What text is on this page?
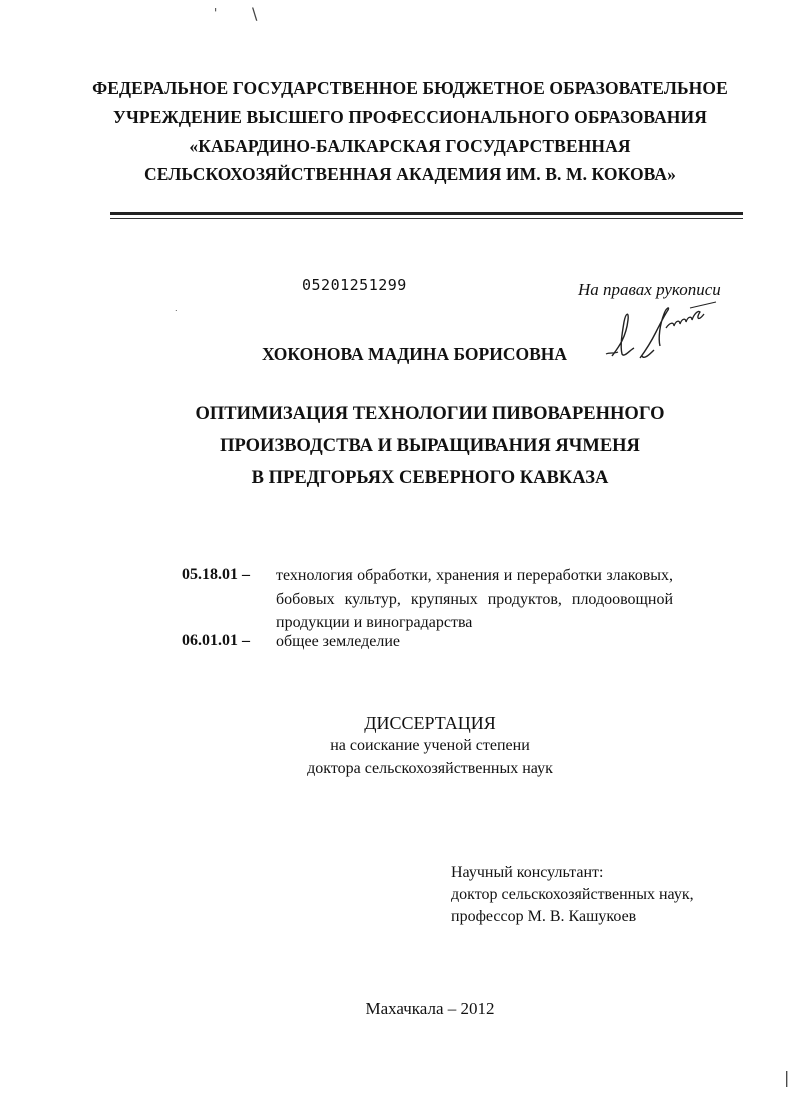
' \
.
|
ФЕДЕРАЛЬНОЕ ГОСУДАРСТВЕННОЕ БЮДЖЕТНОЕ ОБРАЗОВАТЕЛЬНОЕ
УЧРЕЖДЕНИЕ ВЫСШЕГО ПРОФЕССИОНАЛЬНОГО ОБРАЗОВАНИЯ
«КАБАРДИНО-БАЛКАРСКАЯ ГОСУДАРСТВЕННАЯ
СЕЛЬСКОХОЗЯЙСТВЕННАЯ АКАДЕМИЯ ИМ. В. М. КОКОВА»
05201251299	На правах рукописи
ХОКОНОВА МАДИНА БОРИСОВНА
ОПТИМИЗАЦИЯ ТЕХНОЛОГИИ ПИВОВАРЕННОГО
ПРОИЗВОДСТВА И ВЫРАЩИВАНИЯ ЯЧМЕНЯ
В ПРЕДГОРЬЯХ СЕВЕРНОГО КАВКАЗА
05.18.01 –	технология обработки, хранения и переработки злаковых, бобовых культур, крупяных продуктов, плодоовощной продукции и виноградарства
06.01.01 –	общее земледелие
ДИССЕРТАЦИЯ
на соискание ученой степени
доктора сельскохозяйственных наук
Научный консультант:
доктор сельскохозяйственных наук,
профессор М. В. Кашукоев
Махачкала – 2012
